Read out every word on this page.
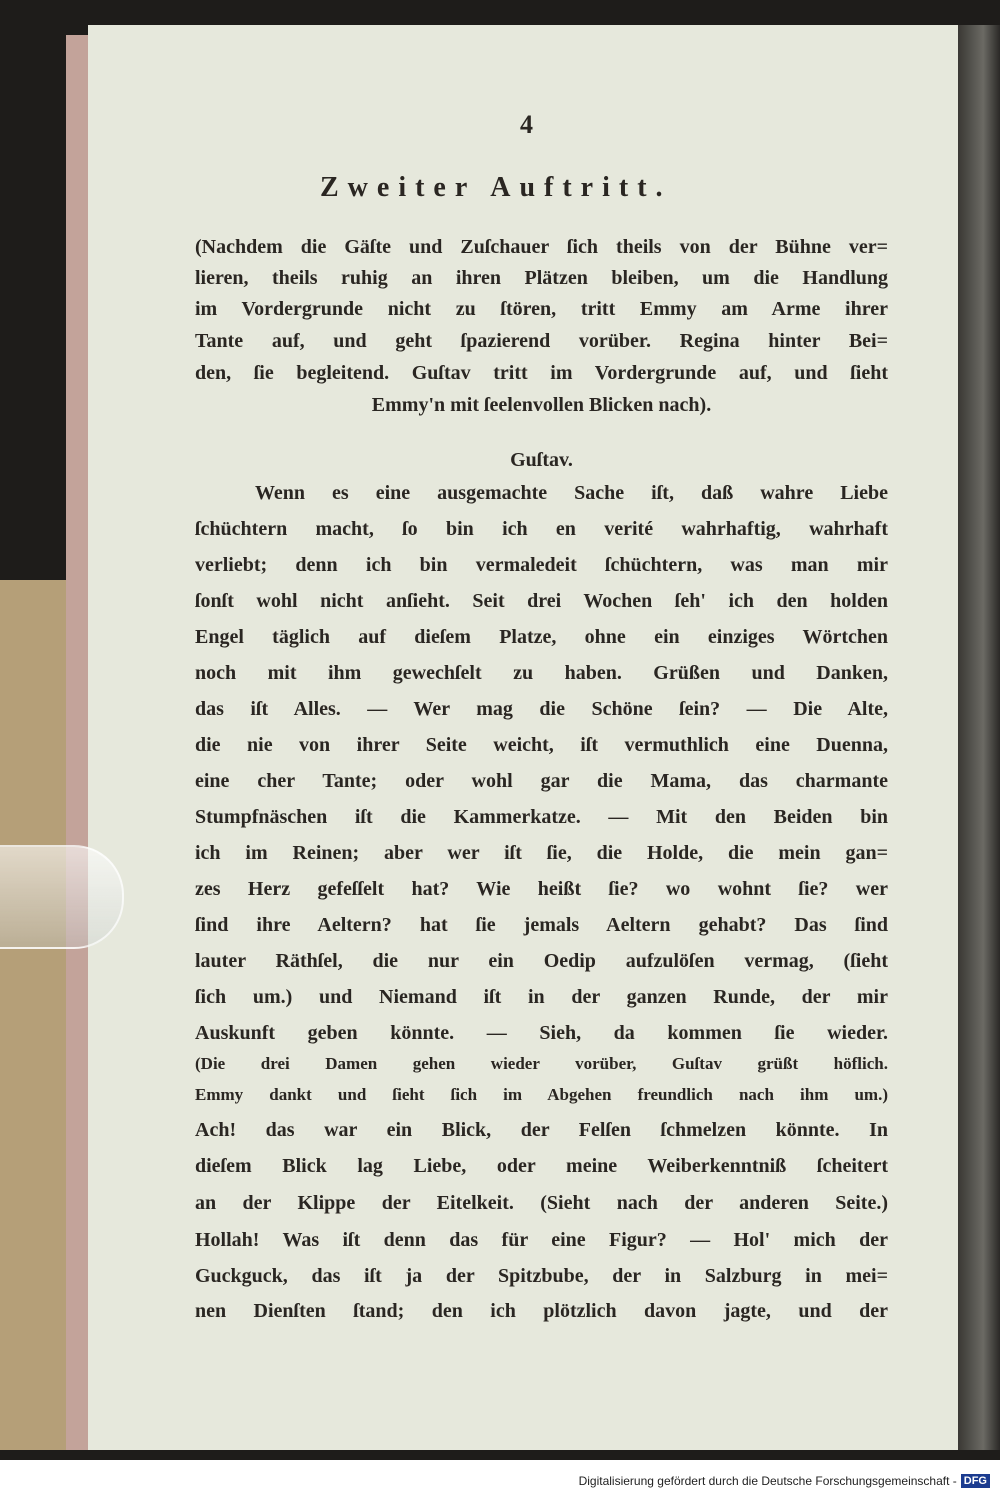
4
Zweiter Auftritt.
(Nachdem die Gäſte und Zuſchauer ſich theils von der Bühne ver=
lieren, theils ruhig an ihren Plätzen bleiben, um die Handlung
im Vordergrunde nicht zu ſtören, tritt Emmy am Arme ihrer
Tante auf, und geht ſpazierend vorüber. Regina hinter Bei=
den, ſie begleitend. Guſtav tritt im Vordergrunde auf, und ſieht
Emmy'n mit ſeelenvollen Blicken nach).
Guſtav.
Wenn es eine ausgemachte Sache iſt, daß wahre Liebe
ſchüchtern macht, ſo bin ich en verité wahrhaftig, wahrhaft
verliebt; denn ich bin vermaledeit ſchüchtern, was man mir
ſonſt wohl nicht anſieht. Seit drei Wochen ſeh' ich den holden
Engel täglich auf dieſem Platze, ohne ein einziges Wörtchen
noch mit ihm gewechſelt zu haben. Grüßen und Danken,
das iſt Alles. — Wer mag die Schöne ſein? — Die Alte,
die nie von ihrer Seite weicht, iſt vermuthlich eine Duenna,
eine cher Tante; oder wohl gar die Mama, das charmante
Stumpfnäschen iſt die Kammerkatze. — Mit den Beiden bin
ich im Reinen; aber wer iſt ſie, die Holde, die mein gan=
zes Herz gefeſſelt hat? Wie heißt ſie? wo wohnt ſie? wer
ſind ihre Aeltern? hat ſie jemals Aeltern gehabt? Das ſind
lauter Räthſel, die nur ein Oedip aufzulöſen vermag, (ſieht
ſich um.) und Niemand iſt in der ganzen Runde, der mir
Auskunft geben könnte. — Sieh, da kommen ſie wieder.
(Die drei Damen gehen wieder vorüber, Guſtav grüßt höflich.
Emmy dankt und ſieht ſich im Abgehen freundlich nach ihm um.)
Ach! das war ein Blick, der Felſen ſchmelzen könnte. In
dieſem Blick lag Liebe, oder meine Weiberkenntniß ſcheitert
an der Klippe der Eitelkeit. (Sieht nach der anderen Seite.)
Hollah! Was iſt denn das für eine Figur? — Hol' mich der
Guckguck, das iſt ja der Spitzbube, der in Salzburg in mei=
nen Dienſten ſtand; den ich plötzlich davon jagte, und der
Digitalisierung gefördert durch die Deutsche Forschungsgemeinschaft - DFG
